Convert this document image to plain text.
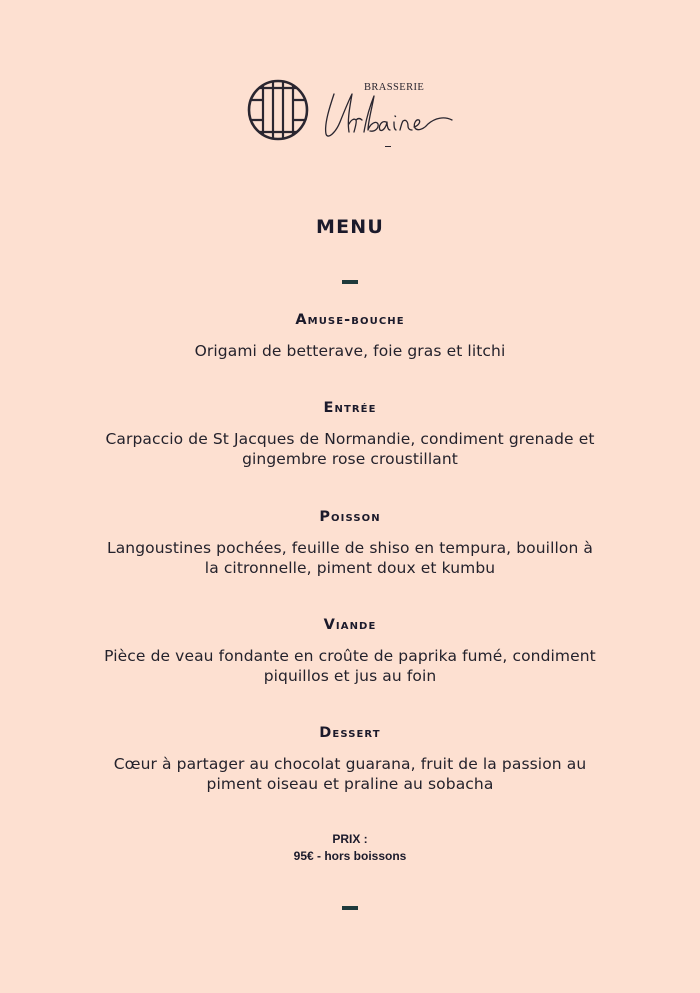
BRASSERIE
MENU
Amuse-bouche
Origami de betterave, foie gras et litchi
Entrée
Carpaccio de St Jacques de Normandie, condiment grenade et
gingembre rose croustillant
Poisson
Langoustines pochées, feuille de shiso en tempura, bouillon à
la citronnelle, piment doux et kumbu
Viande
Pièce de veau fondante en croûte de paprika fumé, condiment
piquillos et jus au foin
Dessert
Cœur à partager au chocolat guarana, fruit de la passion au
piment oiseau et praline au sobacha
PRIX :
95€ - hors boissons
